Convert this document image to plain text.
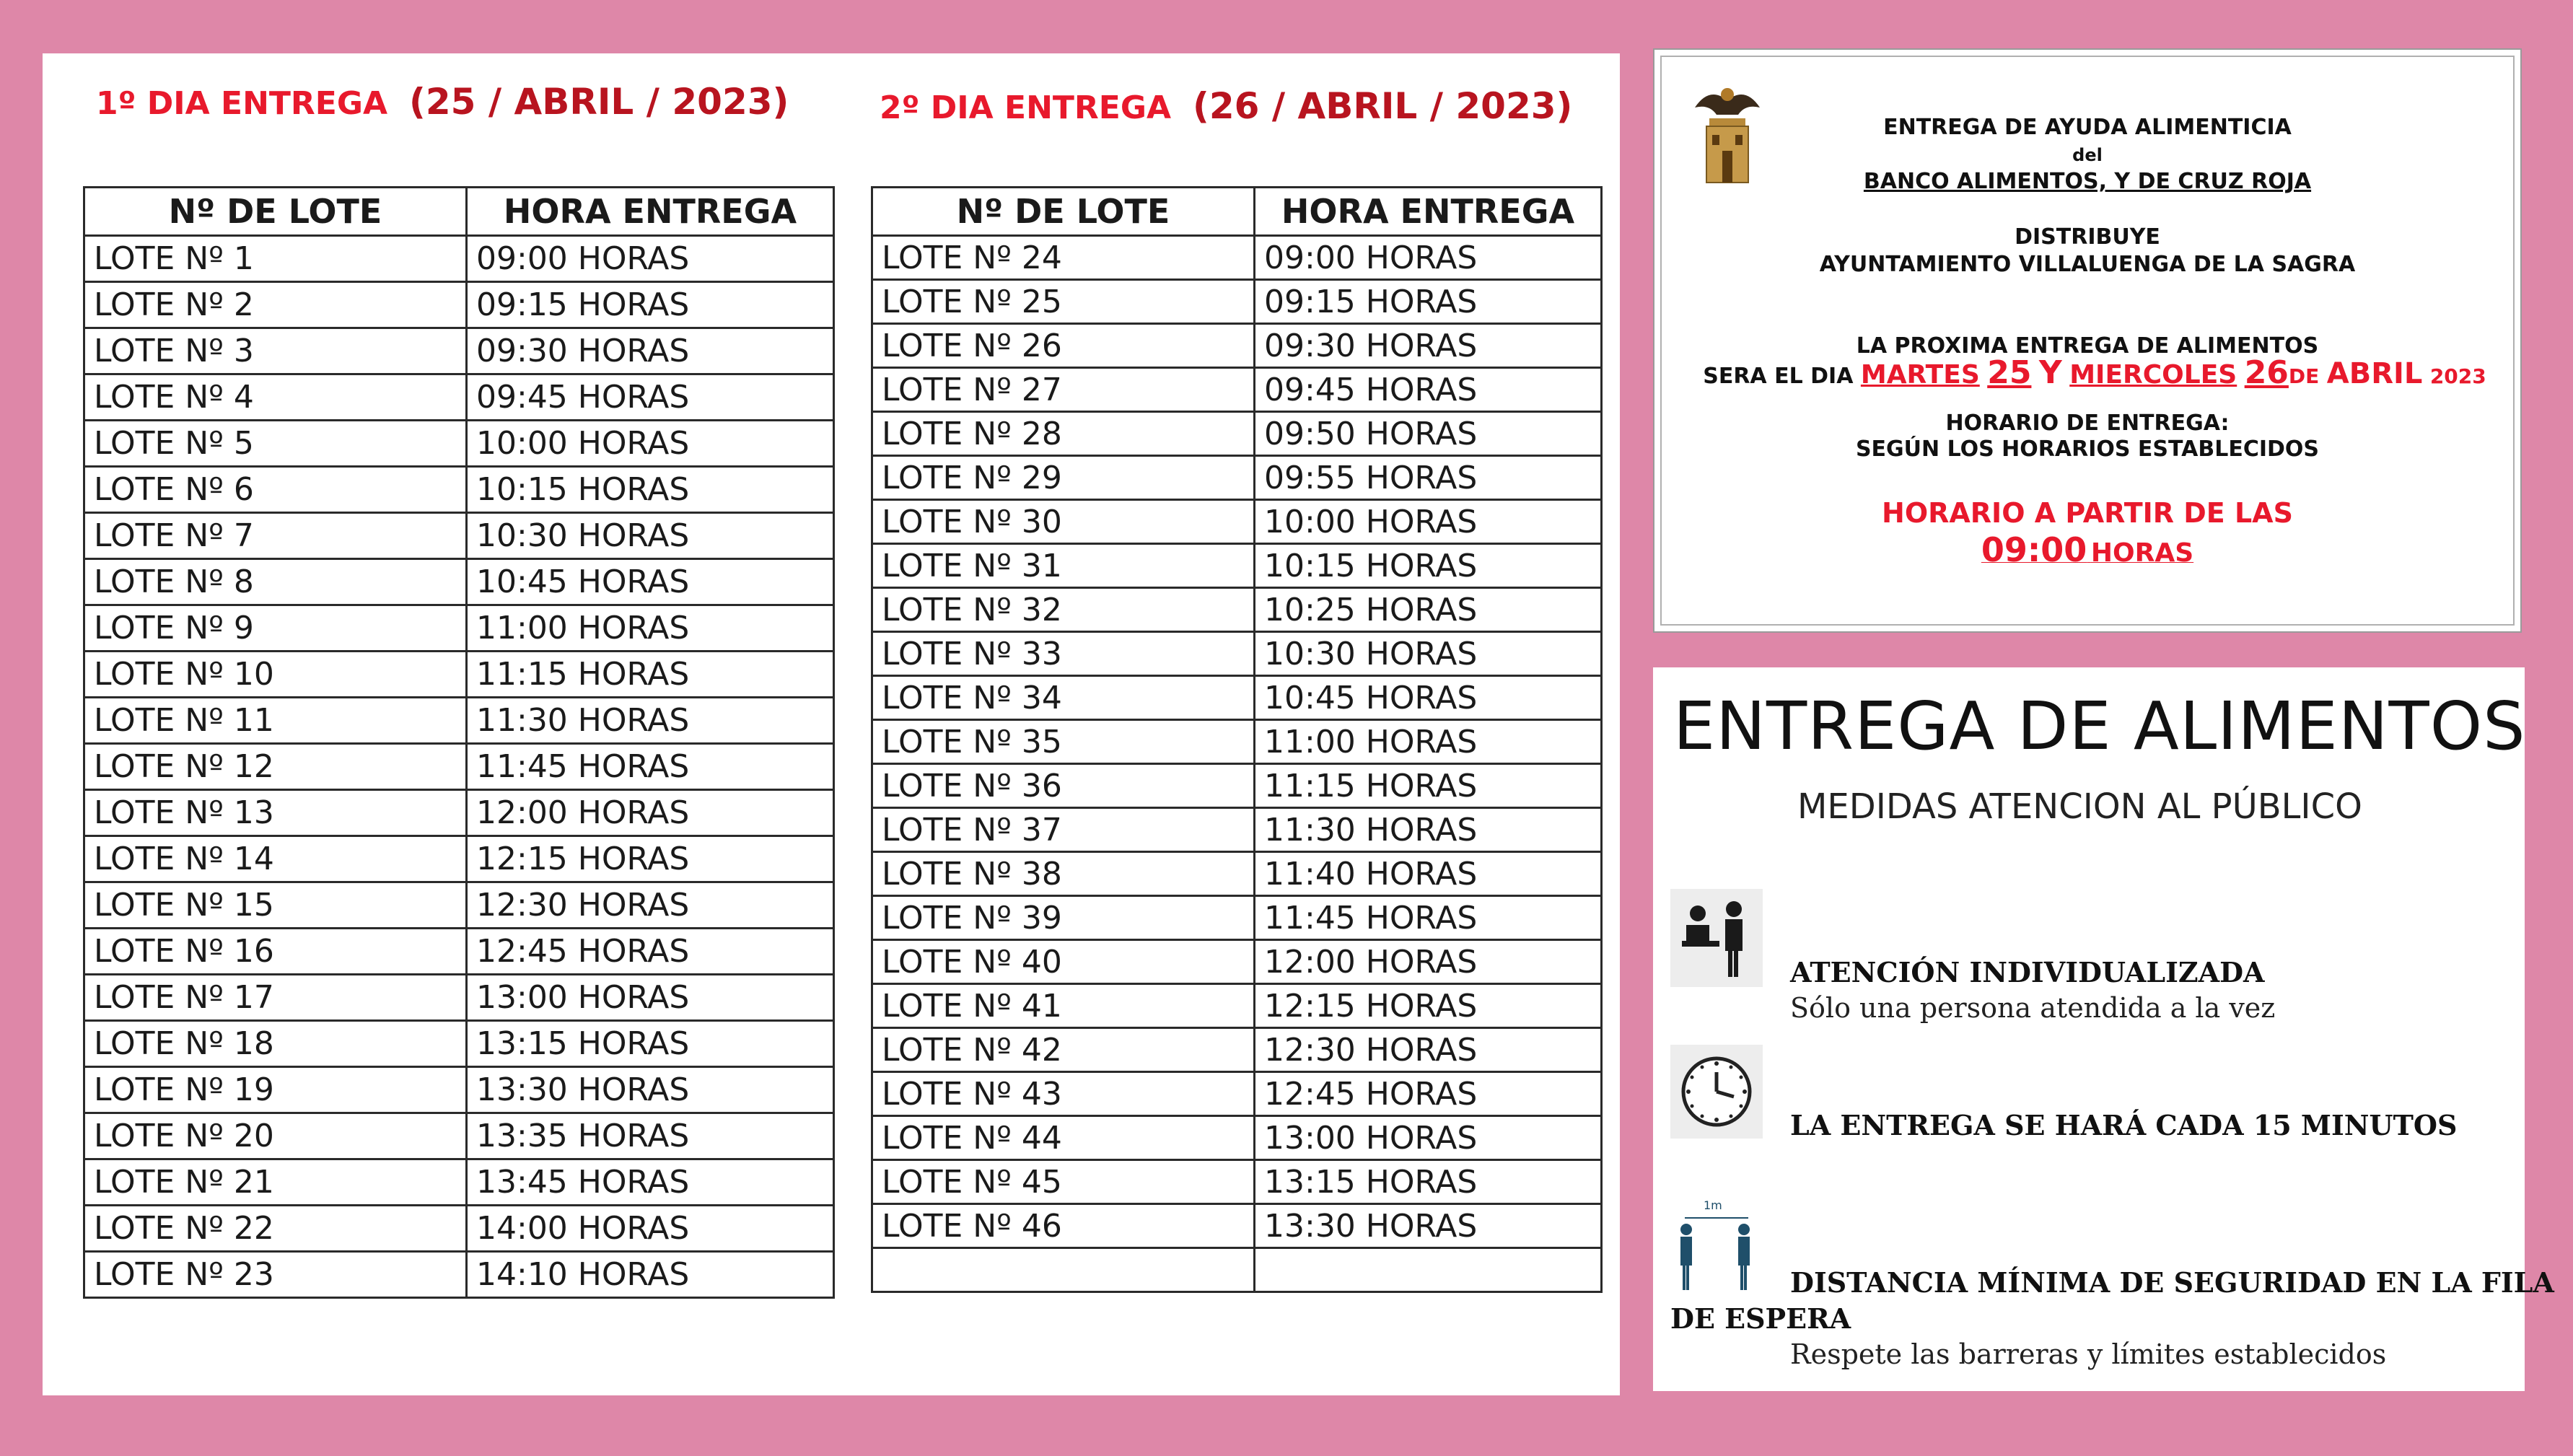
1º DIA ENTREGA (25 / ABRIL / 2023)	2º DIA ENTREGA (26 / ABRIL / 2023)
Nº DE LOTE	HORA ENTREGA
LOTE Nº 1	09:00 HORAS
LOTE Nº 2	09:15 HORAS
LOTE Nº 3	09:30 HORAS
LOTE Nº 4	09:45 HORAS
LOTE Nº 5	10:00 HORAS
LOTE Nº 6	10:15 HORAS
LOTE Nº 7	10:30 HORAS
LOTE Nº 8	10:45 HORAS
LOTE Nº 9	11:00 HORAS
LOTE Nº 10	11:15 HORAS
LOTE Nº 11	11:30 HORAS
LOTE Nº 12	11:45 HORAS
LOTE Nº 13	12:00 HORAS
LOTE Nº 14	12:15 HORAS
LOTE Nº 15	12:30 HORAS
LOTE Nº 16	12:45 HORAS
LOTE Nº 17	13:00 HORAS
LOTE Nº 18	13:15 HORAS
LOTE Nº 19	13:30 HORAS
LOTE Nº 20	13:35 HORAS
LOTE Nº 21	13:45 HORAS
LOTE Nº 22	14:00 HORAS
LOTE Nº 23	14:10 HORAS
Nº DE LOTE	HORA ENTREGA
LOTE Nº 24	09:00 HORAS
LOTE Nº 25	09:15 HORAS
LOTE Nº 26	09:30 HORAS
LOTE Nº 27	09:45 HORAS
LOTE Nº 28	09:50 HORAS
LOTE Nº 29	09:55 HORAS
LOTE Nº 30	10:00 HORAS
LOTE Nº 31	10:15 HORAS
LOTE Nº 32	10:25 HORAS
LOTE Nº 33	10:30 HORAS
LOTE Nº 34	10:45 HORAS
LOTE Nº 35	11:00 HORAS
LOTE Nº 36	11:15 HORAS
LOTE Nº 37	11:30 HORAS
LOTE Nº 38	11:40 HORAS
LOTE Nº 39	11:45 HORAS
LOTE Nº 40	12:00 HORAS
LOTE Nº 41	12:15 HORAS
LOTE Nº 42	12:30 HORAS
LOTE Nº 43	12:45 HORAS
LOTE Nº 44	13:00 HORAS
LOTE Nº 45	13:15 HORAS
LOTE Nº 46	13:30 HORAS

ENTREGA DE AYUDA ALIMENTICIA
del
BANCO ALIMENTOS, Y DE CRUZ ROJA
DISTRIBUYE
AYUNTAMIENTO VILLALUENGA DE LA SAGRA
LA PROXIMA ENTREGA DE ALIMENTOS
SERA EL DIA MARTES 25 Y MIERCOLES 26DE ABRIL 2023
HORARIO DE ENTREGA:
SEGÚN LOS HORARIOS ESTABLECIDOS
HORARIO A PARTIR DE LAS
09:00 HORAS
ENTREGA DE ALIMENTOS
MEDIDAS ATENCION AL PÚBLICO
ATENCIÓN INDIVIDUALIZADA
Sólo una persona atendida a la vez
LA ENTREGA SE HARÁ CADA 15 MINUTOS
1m
DISTANCIA MÍNIMA DE SEGURIDAD EN LA FILA
DE ESPERA
Respete las barreras y límites establecidos
